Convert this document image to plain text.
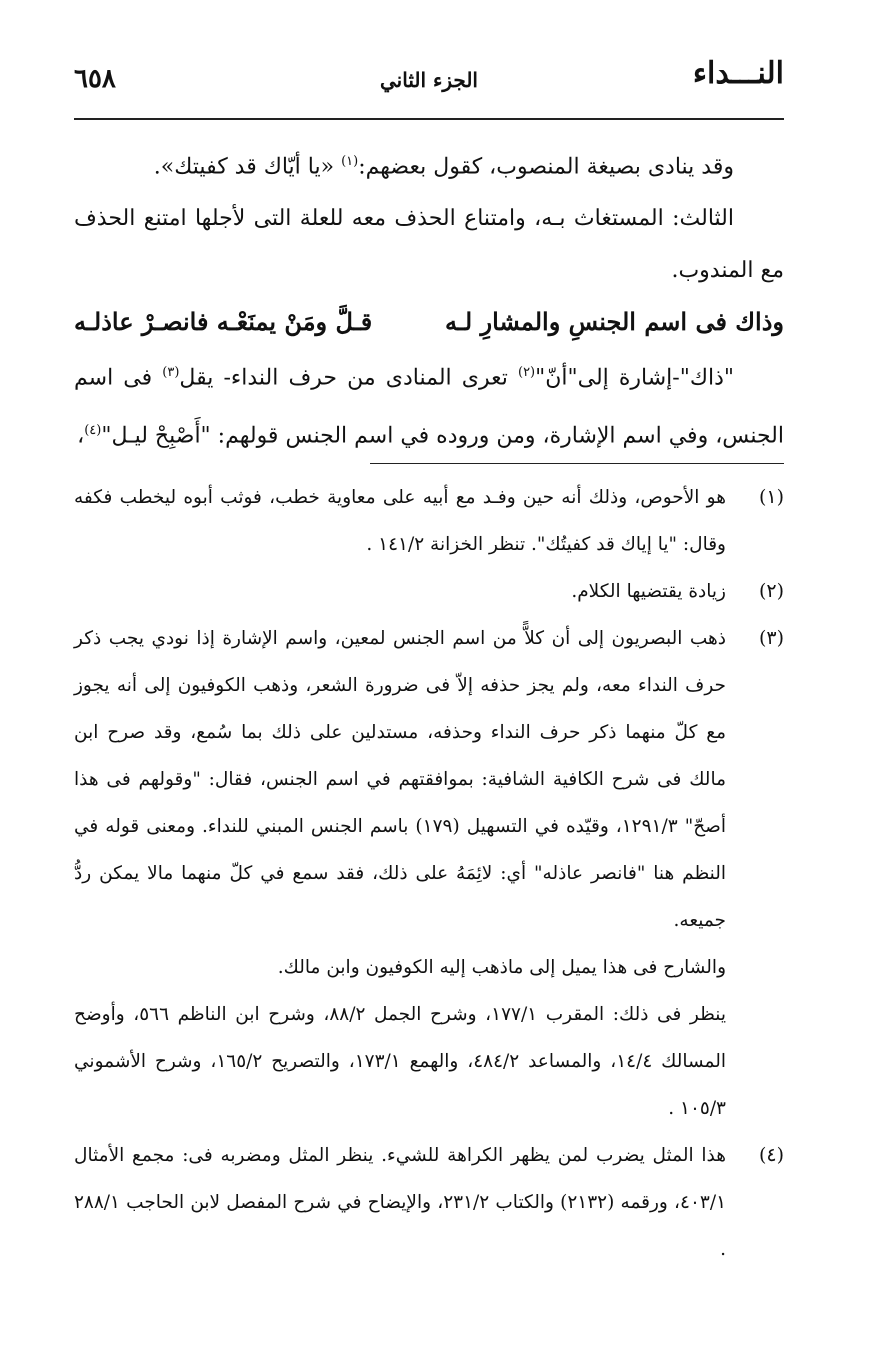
النـــداء
الجزء الثاني
٦٥٨

وقد ينادى بصيغة المنصوب، كقول بعضهم:$^{(١)}$ «يا أيّاك قد كفيتك».

الثالث: المستغاث بـه، وامتناع الحذف معه للعلة التى لأجلها امتنع الحذف مع المندوب.

وذاك فى اسم الجنسِ والمشارِ لـه
قـلَّ ومَنْ يمنَعْـه فانصـرْ عاذلـه

"ذاك"-إشارة إلى"أنّ"$^{(٢)}$ تعرى المنادى من حرف النداء- يقل$^{(٣)}$ فى اسم الجنس، وفي اسم الإشارة، ومن وروده في اسم الجنس قولهم: "أَصْبِحْ ليـل"$^{(٤)}$،

(١)
هو الأحوص، وذلك أنه حين وفـد مع أبيه على معاوية خطب، فوثب أبوه ليخطب فكفه وقال: "يا إياك قد كفيتُك". تنظر الخزانة ١٤١/٢ .
(٢)
زيادة يقتضيها الكلام.
(٣)
ذهب البصريون إلى أن كلاًّ من اسم الجنس لمعين، واسم الإشارة إذا نودي يجب ذكر حرف النداء معه، ولم يجز حذفه إلاّ فى ضرورة الشعر، وذهب الكوفيون إلى أنه يجوز مع كلّ منهما ذكر حرف النداء وحذفه، مستدلين على ذلك بما سُمع، وقد صرح ابن مالك فى شرح الكافية الشافية: بموافقتهم في اسم الجنس، فقال: "وقولهم فى هذا أصحّ" ١٢٩١/٣، وقيّده في التسهيل (١٧٩) باسم الجنس المبني للنداء. ومعنى قوله في النظم هنا "فانصر عاذله" أي: لائِمَهُ على ذلك، فقد سمع في كلّ منهما مالا يمكن ردُّ جميعه.

والشارح فى هذا يميل إلى ماذهب إليه الكوفيون وابن مالك.

ينظر فى ذلك: المقرب ١٧٧/١، وشرح الجمل ٨٨/٢، وشرح ابن الناظم ٥٦٦، وأوضح المسالك ١٤/٤، والمساعد ٤٨٤/٢، والهمع ١٧٣/١، والتصريح ١٦٥/٢، وشرح الأشموني ١٠٥/٣ .

(٤)
هذا المثل يضرب لمن يظهر الكراهة للشيء. ينظر المثل ومضربه فى: مجمع الأمثال ٤٠٣/١، ورقمه (٢١٣٢) والكتاب ٢٣١/٢، والإيضاح في شرح المفصل لابن الحاجب ٢٨٨/١ .
